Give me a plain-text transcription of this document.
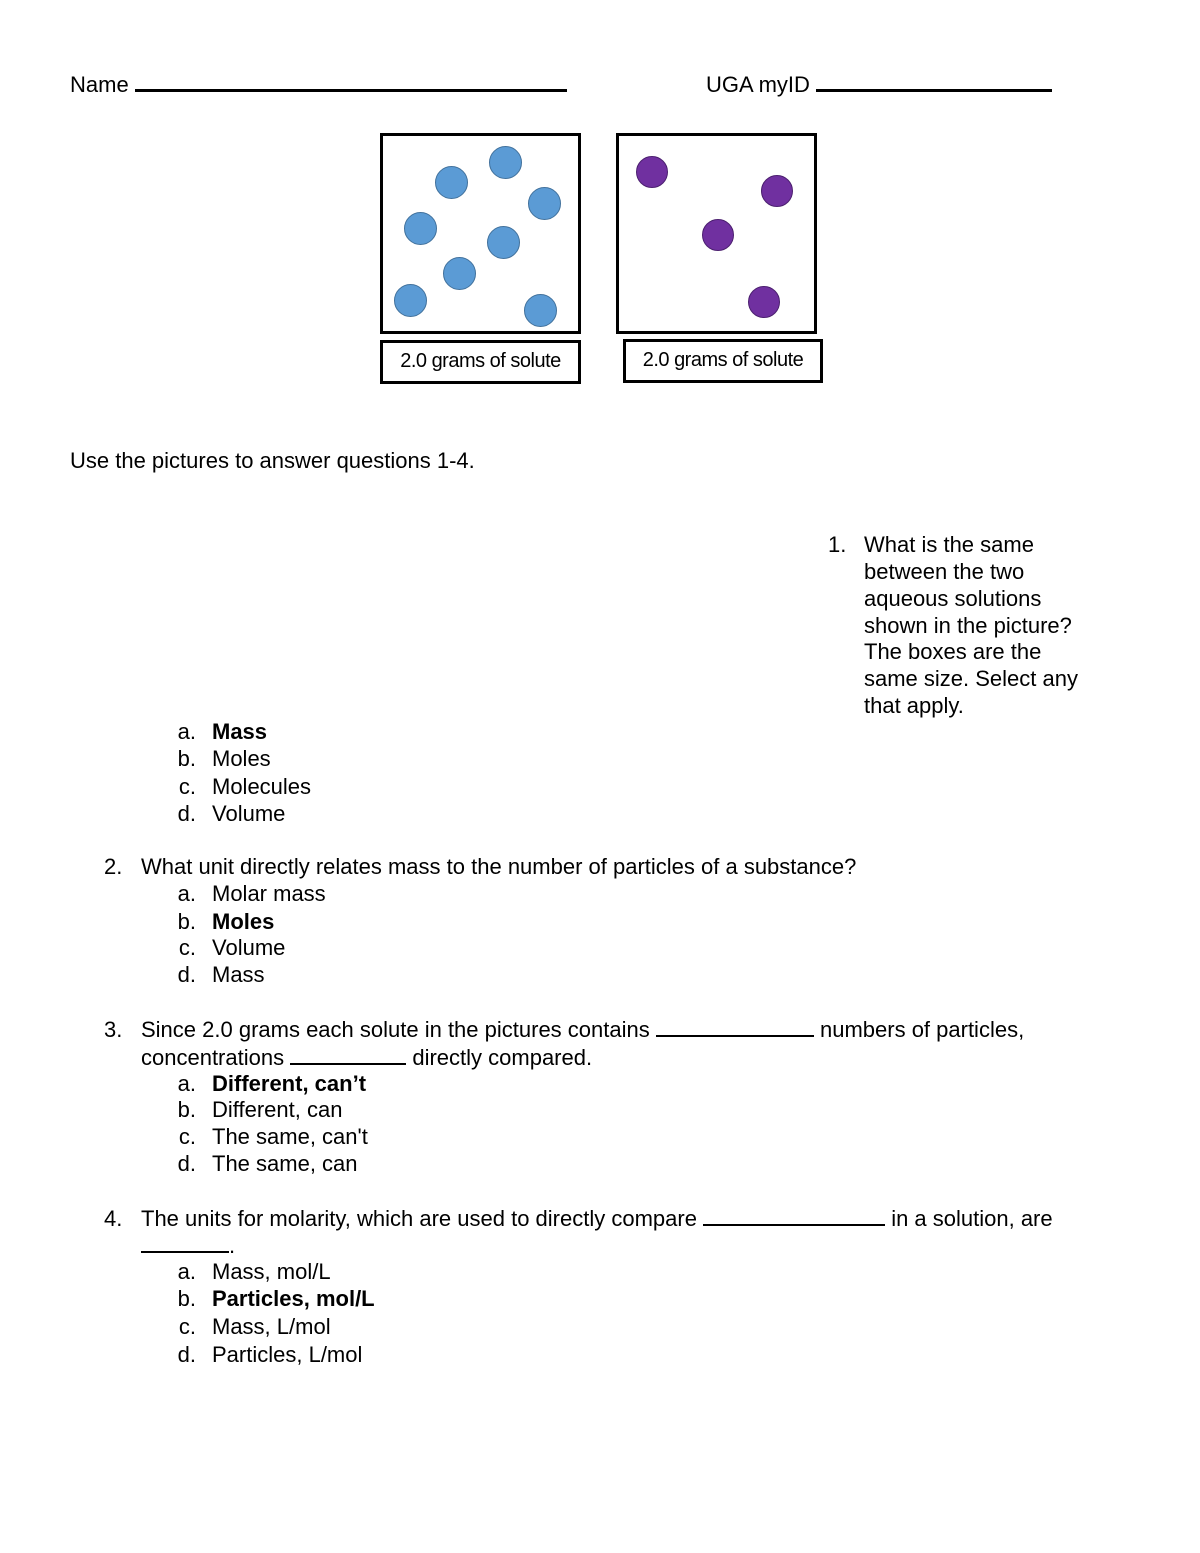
Name	UGA myID
2.0 grams of solute	2.0 grams of solute
Use the pictures to answer questions 1-4.
1. What is the same
between the two
aqueous solutions
shown in the picture?
The boxes are the
same size. Select any
that apply.
a. Mass
b. Moles
c. Molecules
d. Volume
2. What unit directly relates mass to the number of particles of a substance?
a. Molar mass
b. Moles
c. Volume
d. Mass
3. Since 2.0 grams each solute in the pictures contains	numbers of particles,
concentrations	directly compared.
a. Different, can’t
b. Different, can
c. The same, can't
d. The same, can
4. The units for molarity, which are used to directly compare	in a solution, are
.
a. Mass, mol/L
b. Particles, mol/L
c. Mass, L/mol
d. Particles, L/mol
